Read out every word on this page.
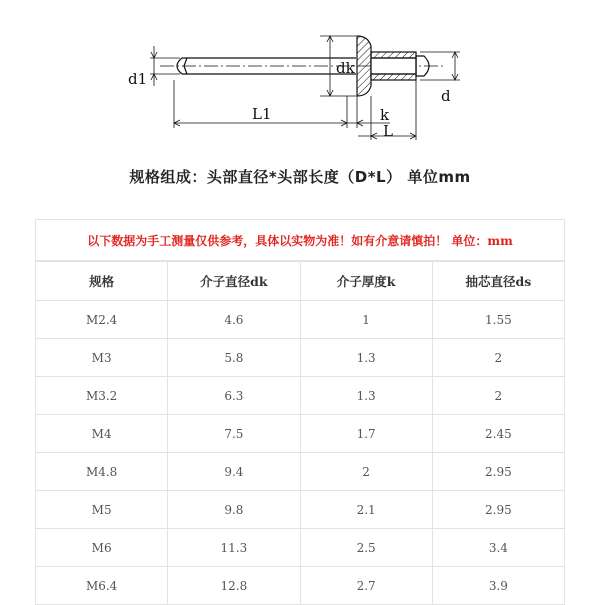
d1
dk
L1	k
L
d
规格组成：头部直径*头部长度（D*L） 单位mm
以下数据为手工测量仅供参考，具体以实物为准！如有介意请慎拍！ 单位：mm
规格	介子直径dk	介子厚度k	抽芯直径ds
M2.4	4.6	1	1.55
M3	5.8	1.3	2
M3.2	6.3	1.3	2
M4	7.5	1.7	2.45
M4.8	9.4	2	2.95
M5	9.8	2.1	2.95
M6	11.3	2.5	3.4
M6.4	12.8	2.7	3.9
